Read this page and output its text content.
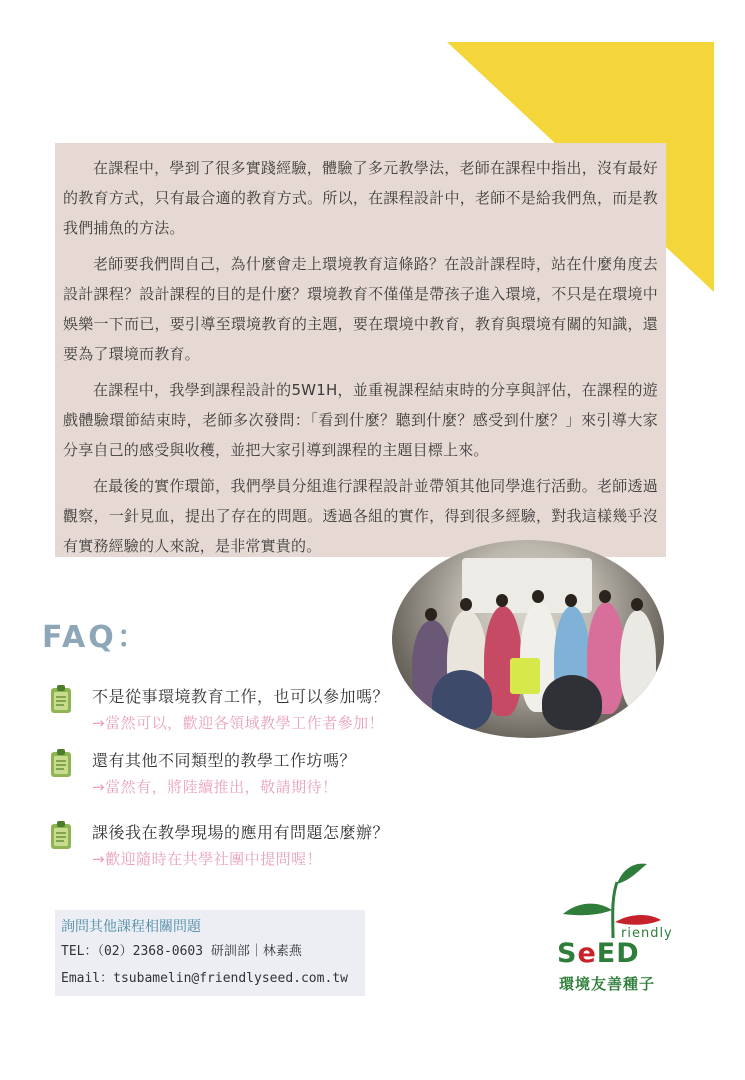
在課程中，學到了很多實踐經驗，體驗了多元教學法，老師在課程中指出，沒有最好的教育方式，只有最合適的教育方式。所以，在課程設計中，老師不是給我們魚，而是教我們捕魚的方法。

老師要我們問自己，為什麼會走上環境教育這條路？在設計課程時，站在什麼角度去設計課程？設計課程的目的是什麼？環境教育不僅僅是帶孩子進入環境，不只是在環境中娛樂一下而已，要引導至環境教育的主題，要在環境中教育，教育與環境有關的知識，還要為了環境而教育。

在課程中，我學到課程設計的5W1H，並重視課程結束時的分享與評估，在課程的遊戲體驗環節結束時，老師多次發問：「看到什麼？聽到什麼？感受到什麼？」來引導大家分享自己的感受與收穫，並把大家引導到課程的主題目標上來。

在最後的實作環節，我們學員分組進行課程設計並帶領其他同學進行活動。老師透過觀察，一針見血，提出了存在的問題。透過各組的實作，得到很多經驗，對我這樣幾乎沒有實務經驗的人來說，是非常實貴的。

FAQ：
不是從事環境教育工作，也可以參加嗎？
→當然可以，歡迎各領域教學工作者參加！
還有其他不同類型的教學工作坊嗎？
→當然有，將陸續推出，敬請期待！
課後我在教學現場的應用有問題怎麼辦？
→歡迎隨時在共學社團中提問喔！
詢問其他課程相關問題
TEL：（02）2368-0603 研訓部｜林素燕
Email：tsubamelin@friendlyseed.com.tw
riendly
SeED
環境友善種子
